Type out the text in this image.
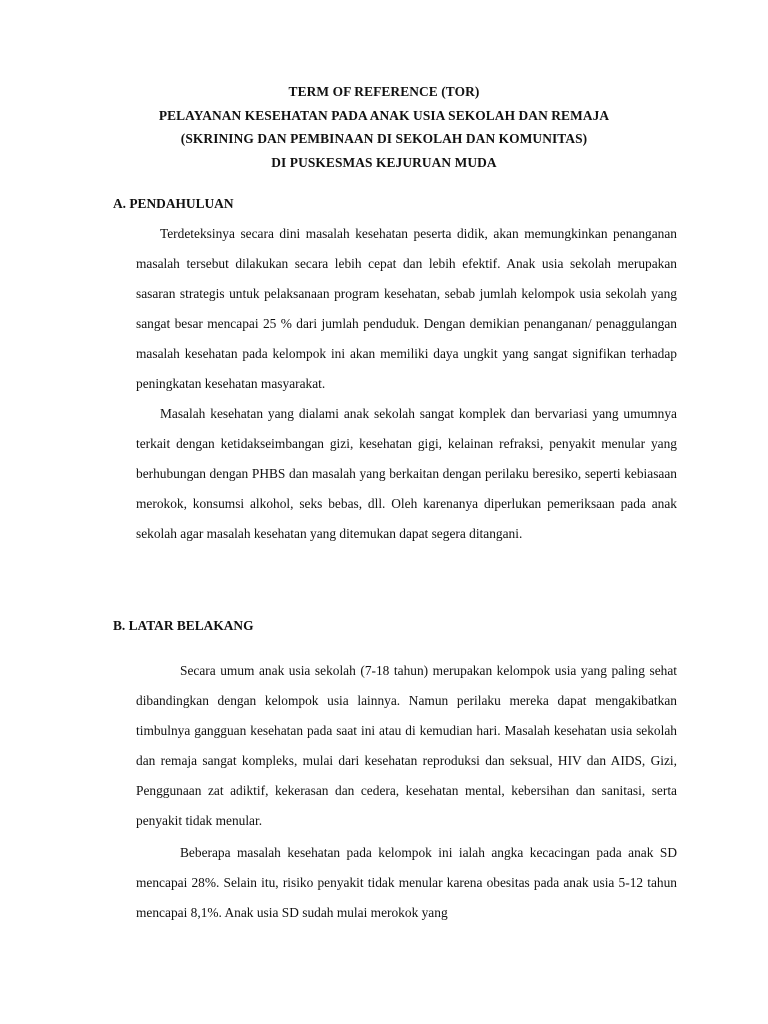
TERM OF REFERENCE (TOR)
PELAYANAN KESEHATAN PADA ANAK USIA SEKOLAH DAN REMAJA
(SKRINING DAN PEMBINAAN DI SEKOLAH DAN KOMUNITAS)
DI PUSKESMAS KEJURUAN MUDA
A. PENDAHULUAN

Terdeteksinya secara dini masalah kesehatan peserta didik, akan memungkinkan penanganan masalah tersebut dilakukan secara lebih cepat dan lebih efektif. Anak usia sekolah merupakan sasaran strategis untuk pelaksanaan program kesehatan, sebab jumlah kelompok usia sekolah yang sangat besar mencapai 25 % dari jumlah penduduk. Dengan demikian penanganan/ penaggulangan masalah kesehatan pada kelompok ini akan memiliki daya ungkit yang sangat signifikan terhadap peningkatan kesehatan masyarakat.

Masalah kesehatan yang dialami anak sekolah sangat komplek dan bervariasi yang umumnya terkait dengan ketidakseimbangan gizi, kesehatan gigi, kelainan refraksi, penyakit menular yang berhubungan dengan PHBS dan masalah yang berkaitan dengan perilaku beresiko, seperti kebiasaan merokok, konsumsi alkohol, seks bebas, dll. Oleh karenanya diperlukan pemeriksaan pada anak sekolah agar masalah kesehatan yang ditemukan dapat segera ditangani.

B. LATAR BELAKANG

Secara umum anak usia sekolah (7-18 tahun) merupakan kelompok usia yang paling sehat dibandingkan dengan kelompok usia lainnya. Namun perilaku mereka dapat mengakibatkan timbulnya gangguan kesehatan pada saat ini atau di kemudian hari. Masalah kesehatan usia sekolah dan remaja sangat kompleks, mulai dari kesehatan reproduksi dan seksual, HIV dan AIDS, Gizi, Penggunaan zat adiktif, kekerasan dan cedera, kesehatan mental, kebersihan dan sanitasi, serta penyakit tidak menular.

Beberapa masalah kesehatan pada kelompok ini ialah angka kecacingan pada anak SD mencapai 28%. Selain itu, risiko penyakit tidak menular karena obesitas pada anak usia 5-12 tahun mencapai 8,1%. Anak usia SD sudah mulai merokok yang
